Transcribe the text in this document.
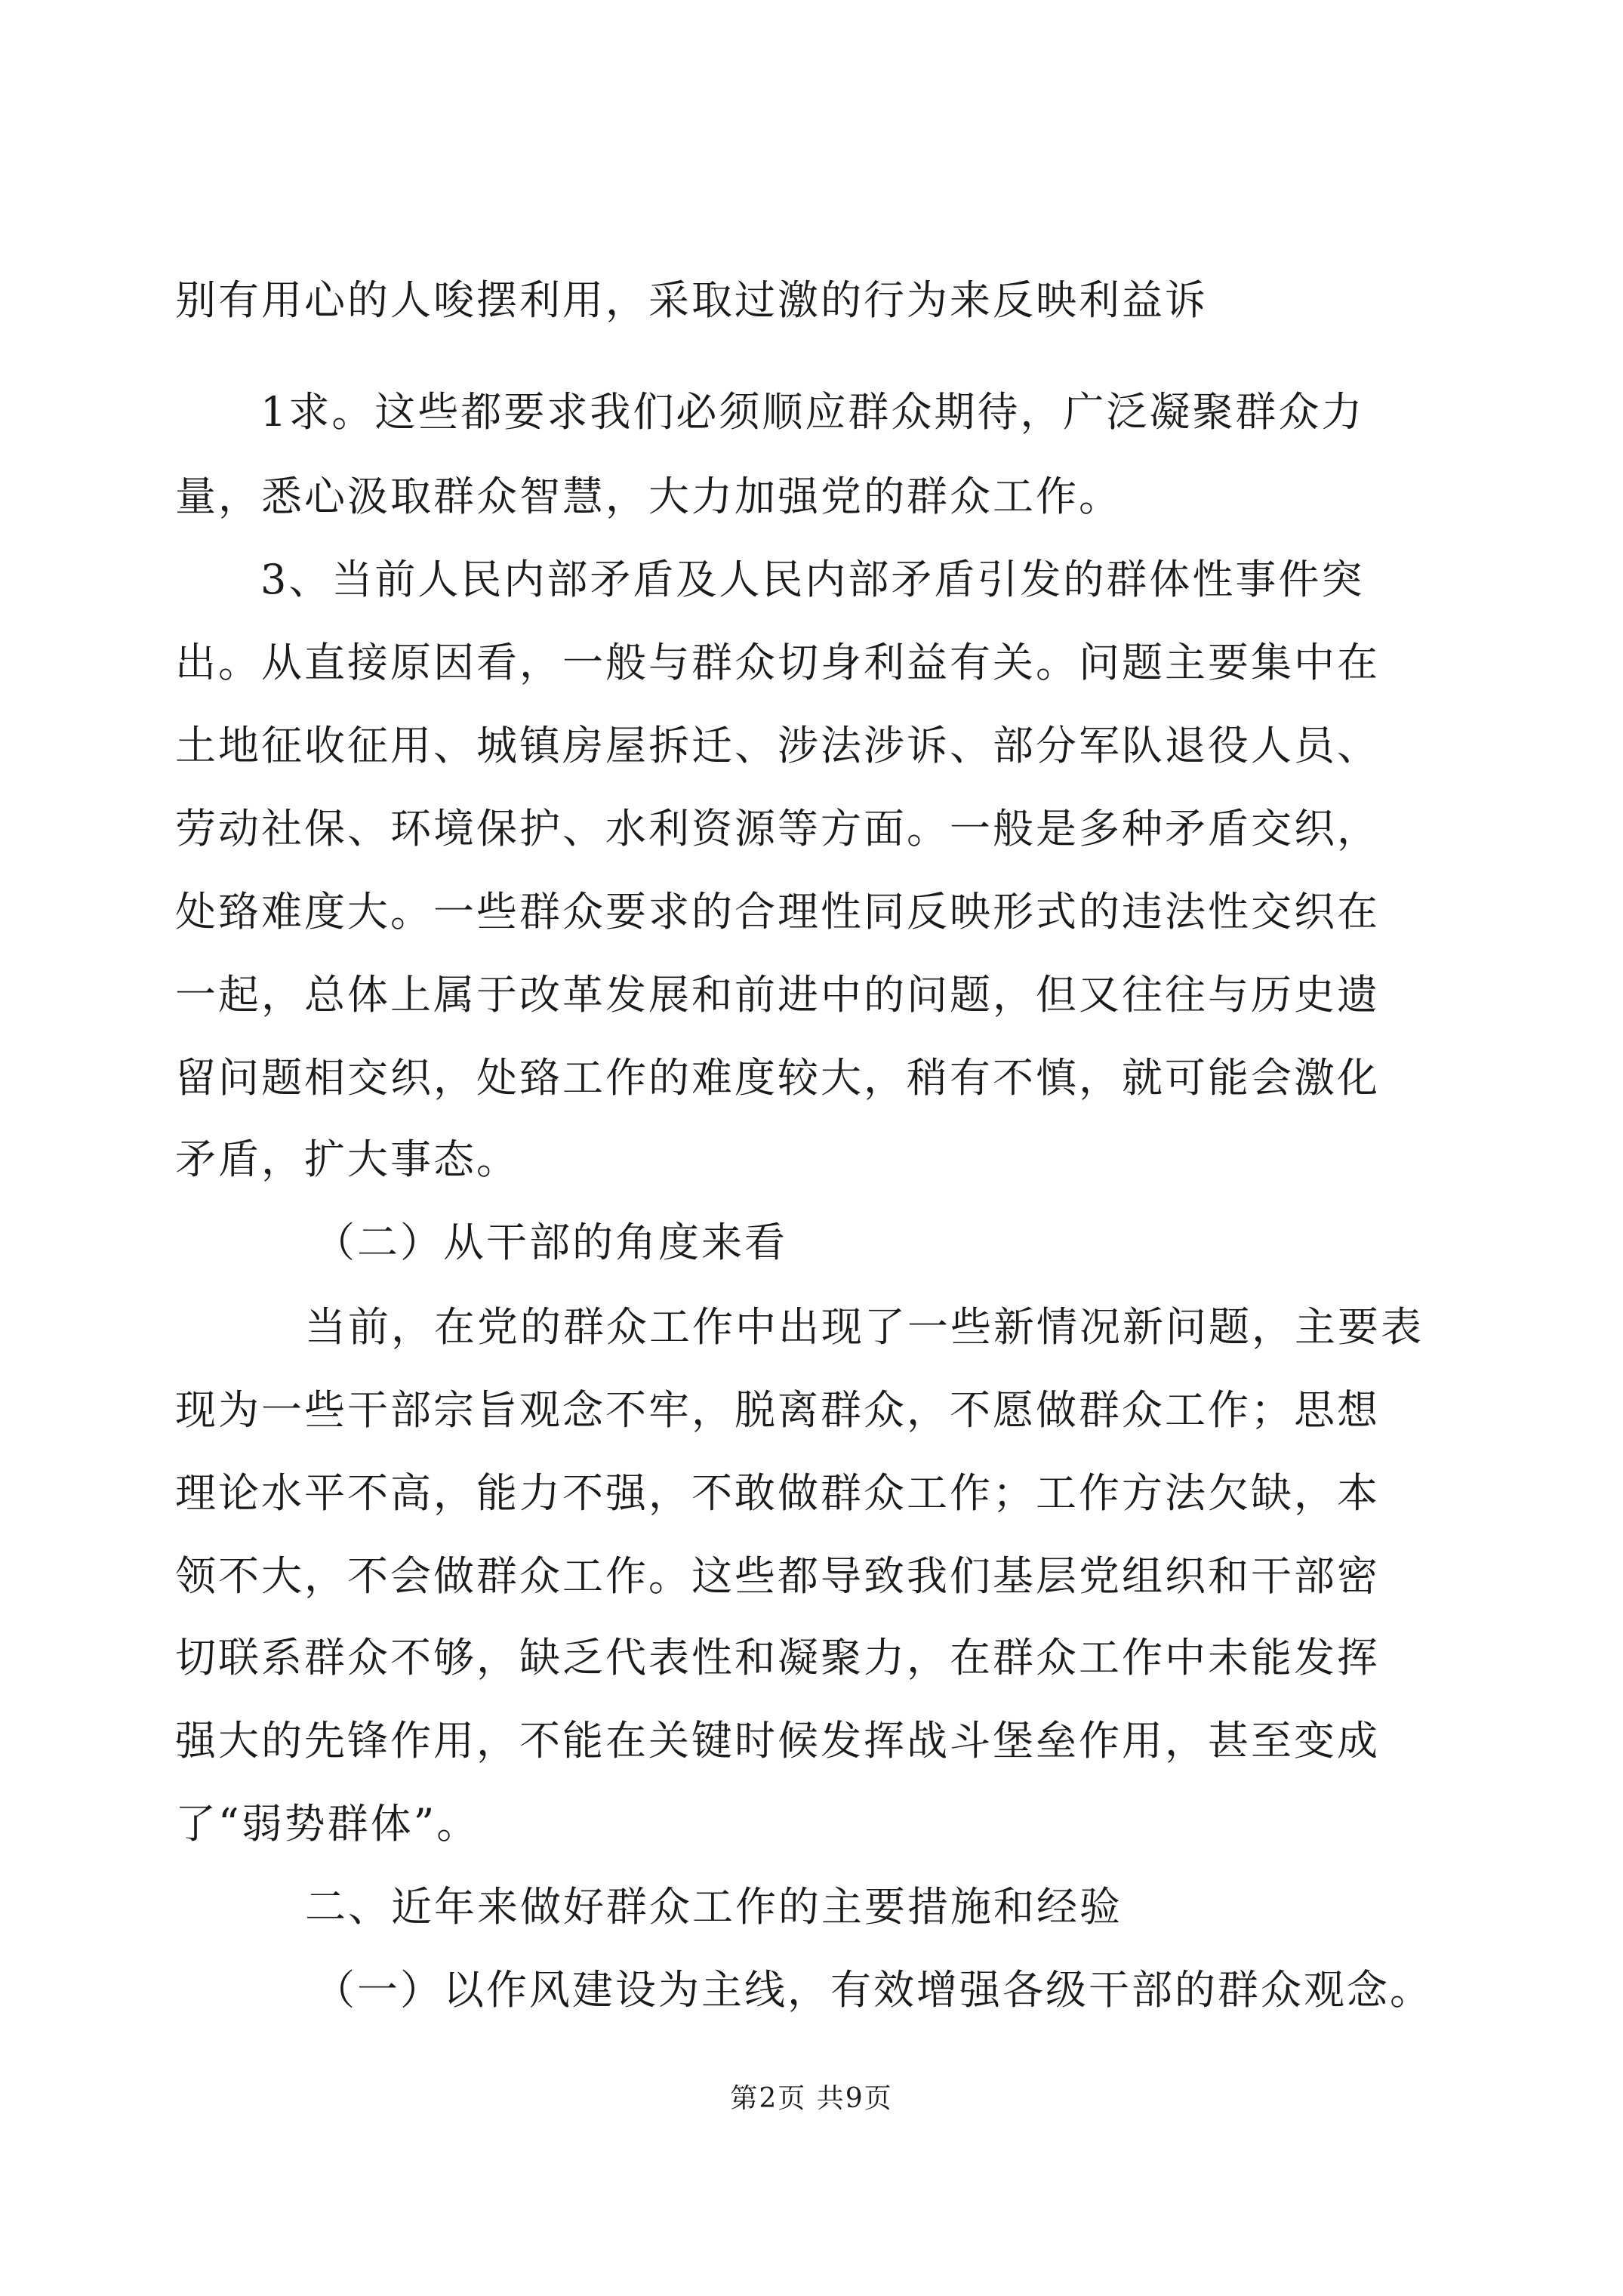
别有用心的人唆摆利用，采取过激的行为来反映利益诉
1求。这些都要求我们必须顺应群众期待，广泛凝聚群众力
量，悉心汲取群众智慧，大力加强党的群众工作。
3、当前人民内部矛盾及人民内部矛盾引发的群体性事件突
出。从直接原因看，一般与群众切身利益有关。问题主要集中在
土地征收征用、城镇房屋拆迁、涉法涉诉、部分军队退役人员、
劳动社保、环境保护、水利资源等方面。一般是多种矛盾交织，
处臵难度大。一些群众要求的合理性同反映形式的违法性交织在
一起，总体上属于改革发展和前进中的问题，但又往往与历史遗
留问题相交织，处臵工作的难度较大，稍有不慎，就可能会激化
矛盾，扩大事态。
（二）从干部的角度来看
当前，在党的群众工作中出现了一些新情况新问题，主要表
现为一些干部宗旨观念不牢，脱离群众，不愿做群众工作；思想
理论水平不高，能力不强，不敢做群众工作；工作方法欠缺，本
领不大，不会做群众工作。这些都导致我们基层党组织和干部密
切联系群众不够，缺乏代表性和凝聚力，在群众工作中未能发挥
强大的先锋作用，不能在关键时候发挥战斗堡垒作用，甚至变成
了“弱势群体”。
二、近年来做好群众工作的主要措施和经验
（一）以作风建设为主线，有效增强各级干部的群众观念。
第2页 共9页
